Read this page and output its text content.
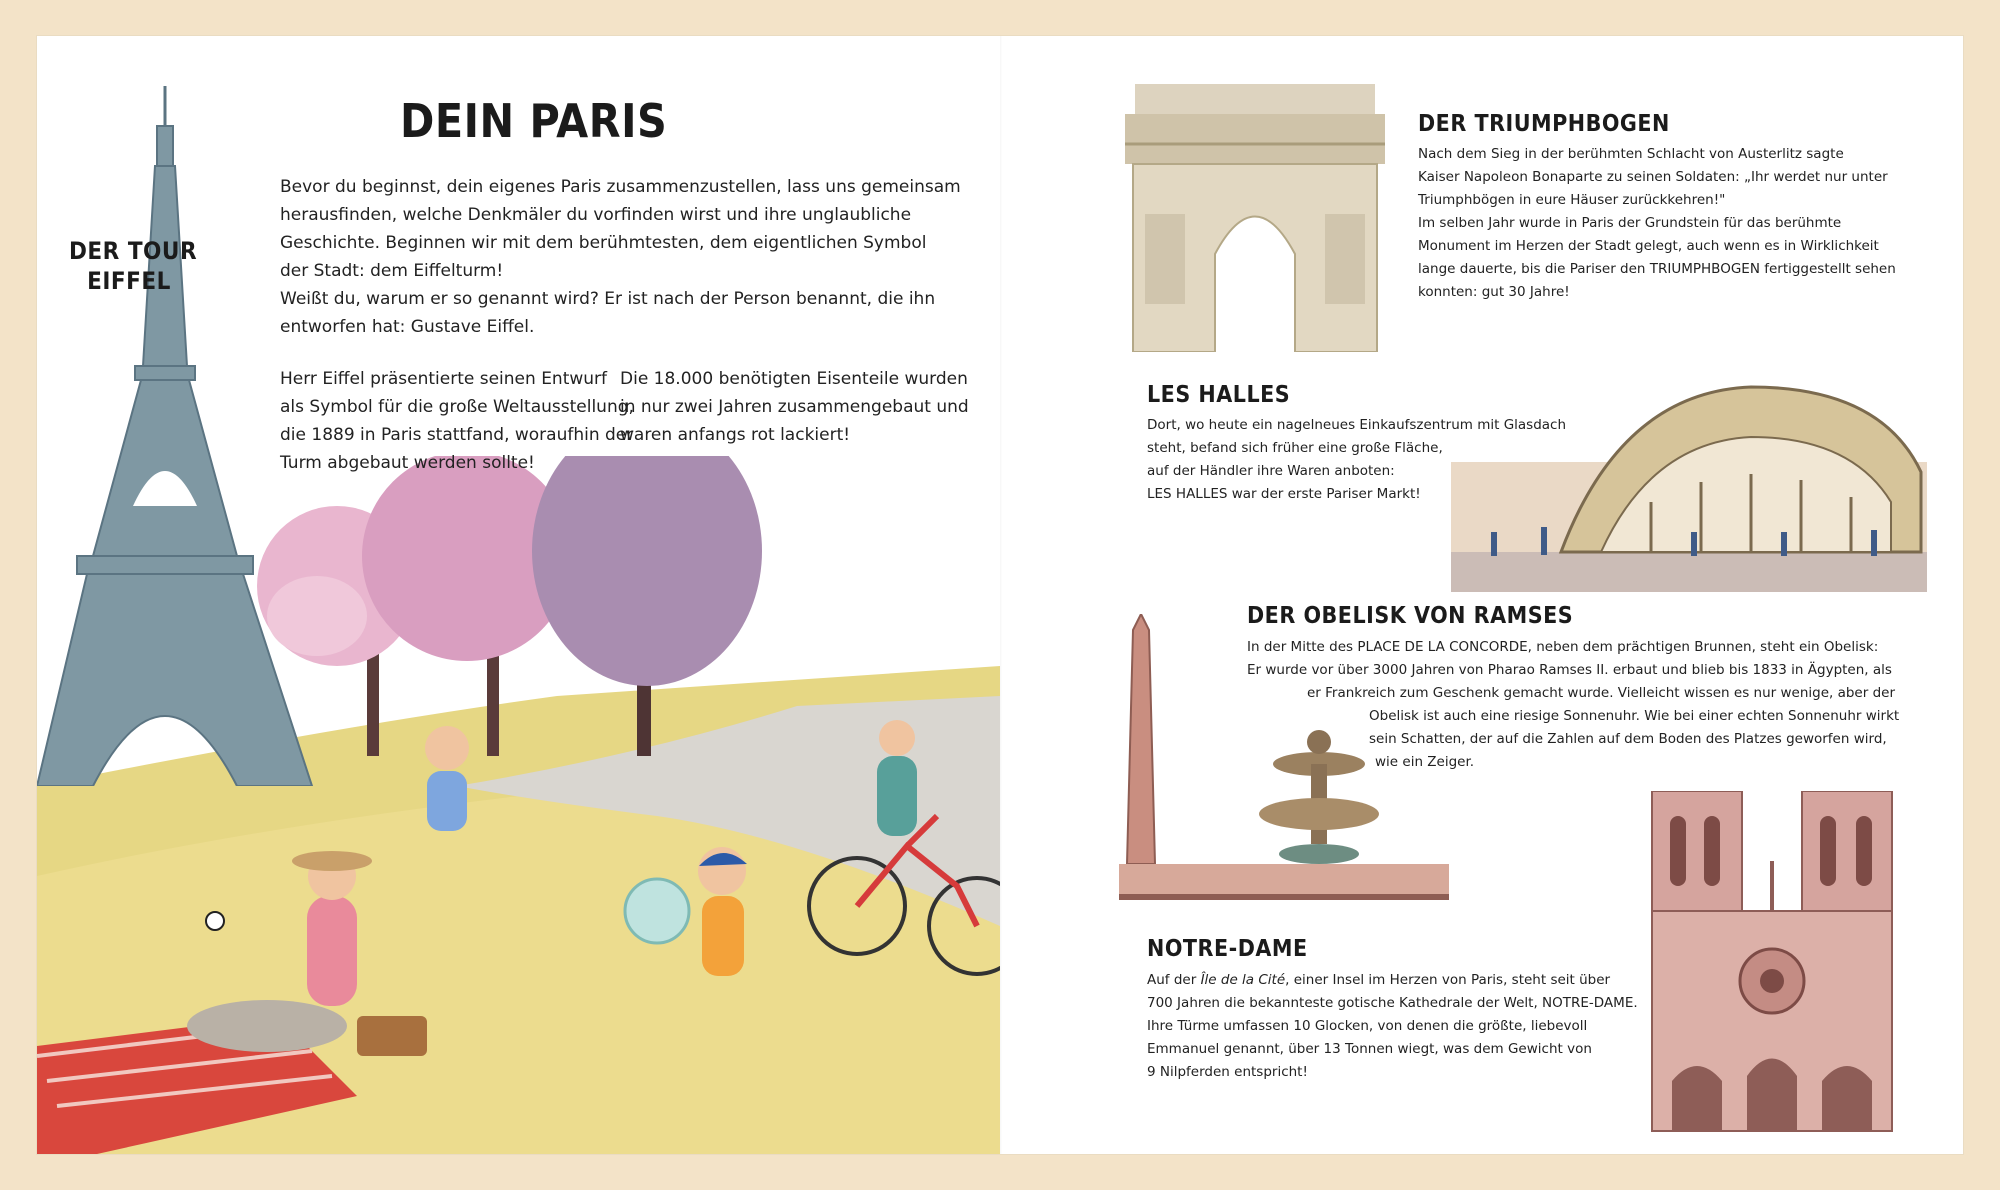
DEIN PARIS
DER TOUR
EIFFEL
Bevor du beginnst, dein eigenes Paris zusammenzustellen, lass uns gemeinsam
herausfinden, welche Denkmäler du vorfinden wirst und ihre unglaubliche
Geschichte. Beginnen wir mit dem berühmtesten, dem eigentlichen Symbol
der Stadt: dem Eiffelturm!
Weißt du, warum er so genannt wird? Er ist nach der Person benannt, die ihn
entworfen hat: Gustave Eiffel.
Herr Eiffel präsentierte seinen Entwurf
als Symbol für die große Weltausstellung,
die 1889 in Paris stattfand, woraufhin der
Turm abgebaut werden sollte!
Die 18.000 benötigten Eisenteile wurden
in nur zwei Jahren zusammengebaut und
waren anfangs rot lackiert!
DER TRIUMPHBOGEN
Nach dem Sieg in der berühmten Schlacht von Austerlitz sagte
Kaiser Napoleon Bonaparte zu seinen Soldaten: „Ihr werdet nur unter
Triumphbögen in eure Häuser zurückkehren!"
Im selben Jahr wurde in Paris der Grundstein für das berühmte
Monument im Herzen der Stadt gelegt, auch wenn es in Wirklichkeit
lange dauerte, bis die Pariser den TRIUMPHBOGEN fertiggestellt sehen
konnten: gut 30 Jahre!
LES HALLES
Dort, wo heute ein nagelneues Einkaufszentrum mit Glasdach
steht, befand sich früher eine große Fläche,
auf der Händler ihre Waren anboten:
LES HALLES war der erste Pariser Markt!
DER OBELISK VON RAMSES
In der Mitte des PLACE DE LA CONCORDE, neben dem prächtigen Brunnen, steht ein Obelisk:
Er wurde vor über 3000 Jahren von Pharao Ramses II. erbaut und blieb bis 1833 in Ägypten, als
er Frankreich zum Geschenk gemacht wurde. Vielleicht wissen es nur wenige, aber der
Obelisk ist auch eine riesige Sonnenuhr. Wie bei einer echten Sonnenuhr wirkt
sein Schatten, der auf die Zahlen auf dem Boden des Platzes geworfen wird,
wie ein Zeiger.
NOTRE-DAME
Auf der Île de la Cité, einer Insel im Herzen von Paris, steht seit über
700 Jahren die bekannteste gotische Kathedrale der Welt, NOTRE-DAME.
Ihre Türme umfassen 10 Glocken, von denen die größte, liebevoll
Emmanuel genannt, über 13 Tonnen wiegt, was dem Gewicht von
9 Nilpferden entspricht!
